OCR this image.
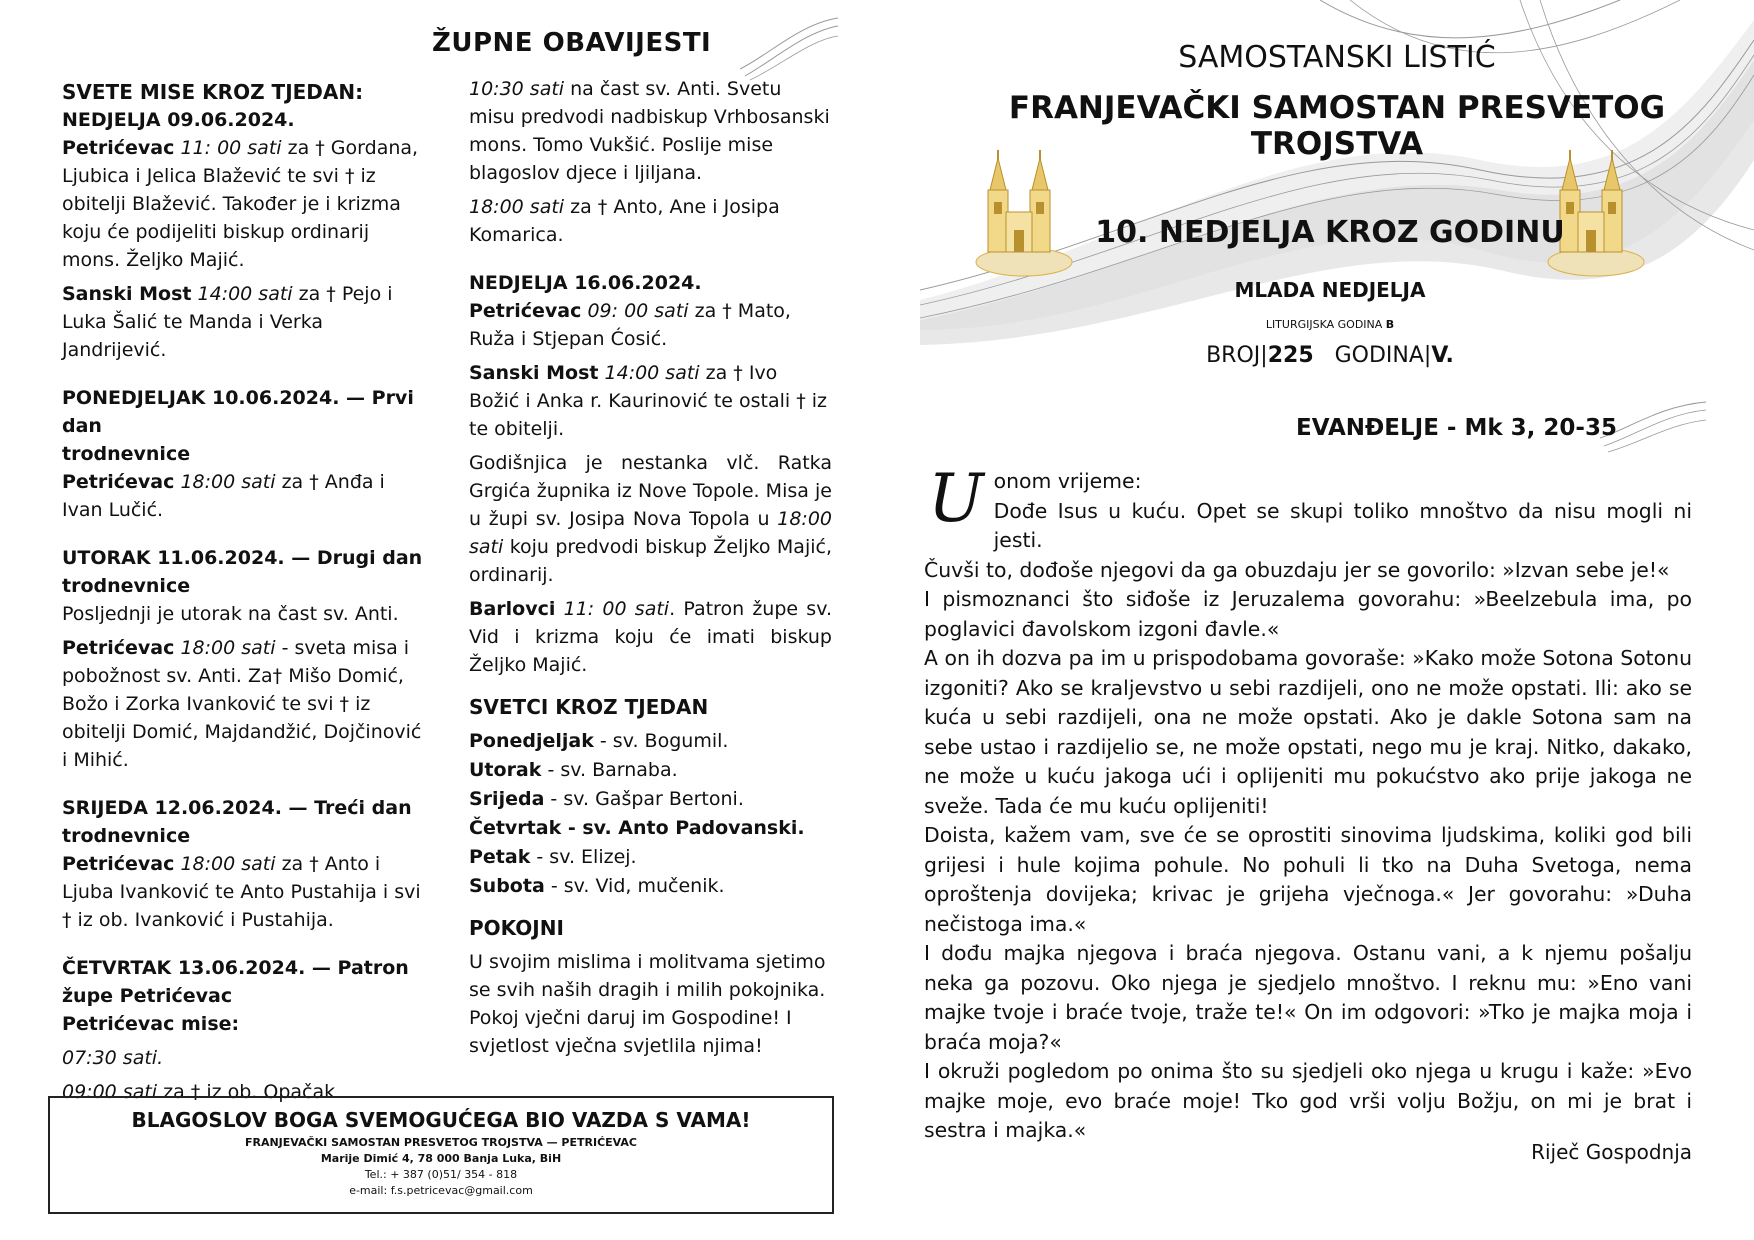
ŽUPNE OBAVIJESTI

SVETE MISE KROZ TJEDAN:

NEDJELJA 09.06.2024.

Petrićevac 11: 00 sati za † Gordana, Ljubica i Jelica Blažević te svi † iz obitelji Blažević. Također je i krizma koju će podijeliti biskup ordinarij mons. Željko Majić.

Sanski Most 14:00 sati za † Pejo i Luka Šalić te Manda i Verka Jandrijević.

PONEDJELJAK 10.06.2024. — Prvi dan
trodnevnice

Petrićevac 18:00 sati za † Anđa i Ivan Lučić.

UTORAK 11.06.2024. — Drugi dan
trodnevnice

Posljednji je utorak na čast sv. Anti.

Petrićevac 18:00 sati - sveta misa i pobožnost sv. Anti. Za† Mišo Domić, Božo i Zorka Ivanković te svi † iz obitelji Domić, Majdandžić, Dojčinović i Mihić.

SRIJEDA 12.06.2024. — Treći dan
trodnevnice

Petrićevac 18:00 sati za † Anto i Ljuba Ivanković te Anto Pustahija i svi † iz ob. Ivanković i Pustahija.

ČETVRTAK 13.06.2024. — Patron
župe Petrićevac

Petrićevac mise:

07:30 sati.

09:00 sati za † iz ob. Opačak

10:30 sati na čast sv. Anti. Svetu misu predvodi nadbiskup Vrhbosanski mons. Tomo Vukšić. Poslije mise blagoslov djece i ljiljana.

18:00 sati za † Anto, Ane i Josipa Komarica.

NEDJELJA 16.06.2024.

Petrićevac 09: 00 sati za † Mato, Ruža i Stjepan Ćosić.

Sanski Most 14:00 sati za † Ivo Božić i Anka r. Kaurinović te ostali † iz te obitelji.

Godišnjica je nestanka vlč. Ratka Grgića župnika iz Nove Topole. Misa je u župi sv. Josipa Nova Topola u 18:00 sati koju predvodi biskup Željko Majić, ordinarij.

Barlovci 11: 00 sati. Patron župe sv. Vid i krizma koju će imati biskup Željko Majić.

SVETCI KROZ TJEDAN

Ponedjeljak - sv. Bogumil.

Utorak - sv. Barnaba.

Srijeda - sv. Gašpar Bertoni.

Četvrtak - sv. Anto Padovanski.

Petak - sv. Elizej.

Subota - sv. Vid, mučenik.

POKOJNI

U svojim mislima i molitvama sjetimo se svih naših dragih i milih pokojnika. Pokoj vječni daruj im Gospodine! I svjetlost vječna svjetlila njima!

BLAGOSLOV BOGA SVEMOGUĆEGA BIO VAZDA S VAMA!
FRANJEVAČKI SAMOSTAN PRESVETOG TROJSTVA — PETRIĆEVAC
Marije Dimić 4, 78 000 Banja Luka, BiH
Tel.: + 387 (0)51/ 354 - 818
e-mail: f.s.petricevac@gmail.com
SAMOSTANSKI LISTIĆ
FRANJEVAČKI SAMOSTAN PRESVETOG TROJSTVA
10. NEDJELJA KROZ GODINU
MLADA NEDJELJA
LITURGIJSKA GODINA B
BROJ|225 GODINA|V.
EVANĐELJE - Mk 3, 20-35
U onom vrijeme:
Dođe Isus u kuću. Opet se skupi toliko mnoštvo da nisu mogli ni jesti.
Čuvši to, dođoše njegovi da ga obuzdaju jer se govorilo: »Izvan sebe je!«
I pismoznanci što siđoše iz Jeruzalema govorahu: »Beelzebula ima, po poglavici đavolskom izgoni đavle.«
A on ih dozva pa im u prispodobama govoraše: »Kako može Sotona Sotonu izgoniti? Ako se kraljevstvo u sebi razdijeli, ono ne može opstati. Ili: ako se kuća u sebi razdijeli, ona ne može opstati. Ako je dakle Sotona sam na sebe ustao i razdijelio se, ne može opstati, nego mu je kraj. Nitko, dakako, ne može u kuću jakoga ući i oplijeniti mu pokućstvo ako prije jakoga ne sveže. Tada će mu kuću oplijeniti!
Doista, kažem vam, sve će se oprostiti sinovima ljudskima, koliki god bili grijesi i hule kojima pohule. No pohuli li tko na Duha Svetoga, nema oproštenja dovijeka; krivac je grijeha vječnoga.« Jer govorahu: »Duha nečistoga ima.«
I dođu majka njegova i braća njegova. Ostanu vani, a k njemu pošalju neka ga pozovu. Oko njega je sjedjelo mnoštvo. I reknu mu: »Eno vani majke tvoje i braće tvoje, traže te!« On im odgovori: »Tko je majka moja i braća moja?«
I okruži pogledom po onima što su sjedjeli oko njega u krugu i kaže: »Evo majke moje, evo braće moje! Tko god vrši volju Božju, on mi je brat i sestra i majka.«
Riječ Gospodnja
